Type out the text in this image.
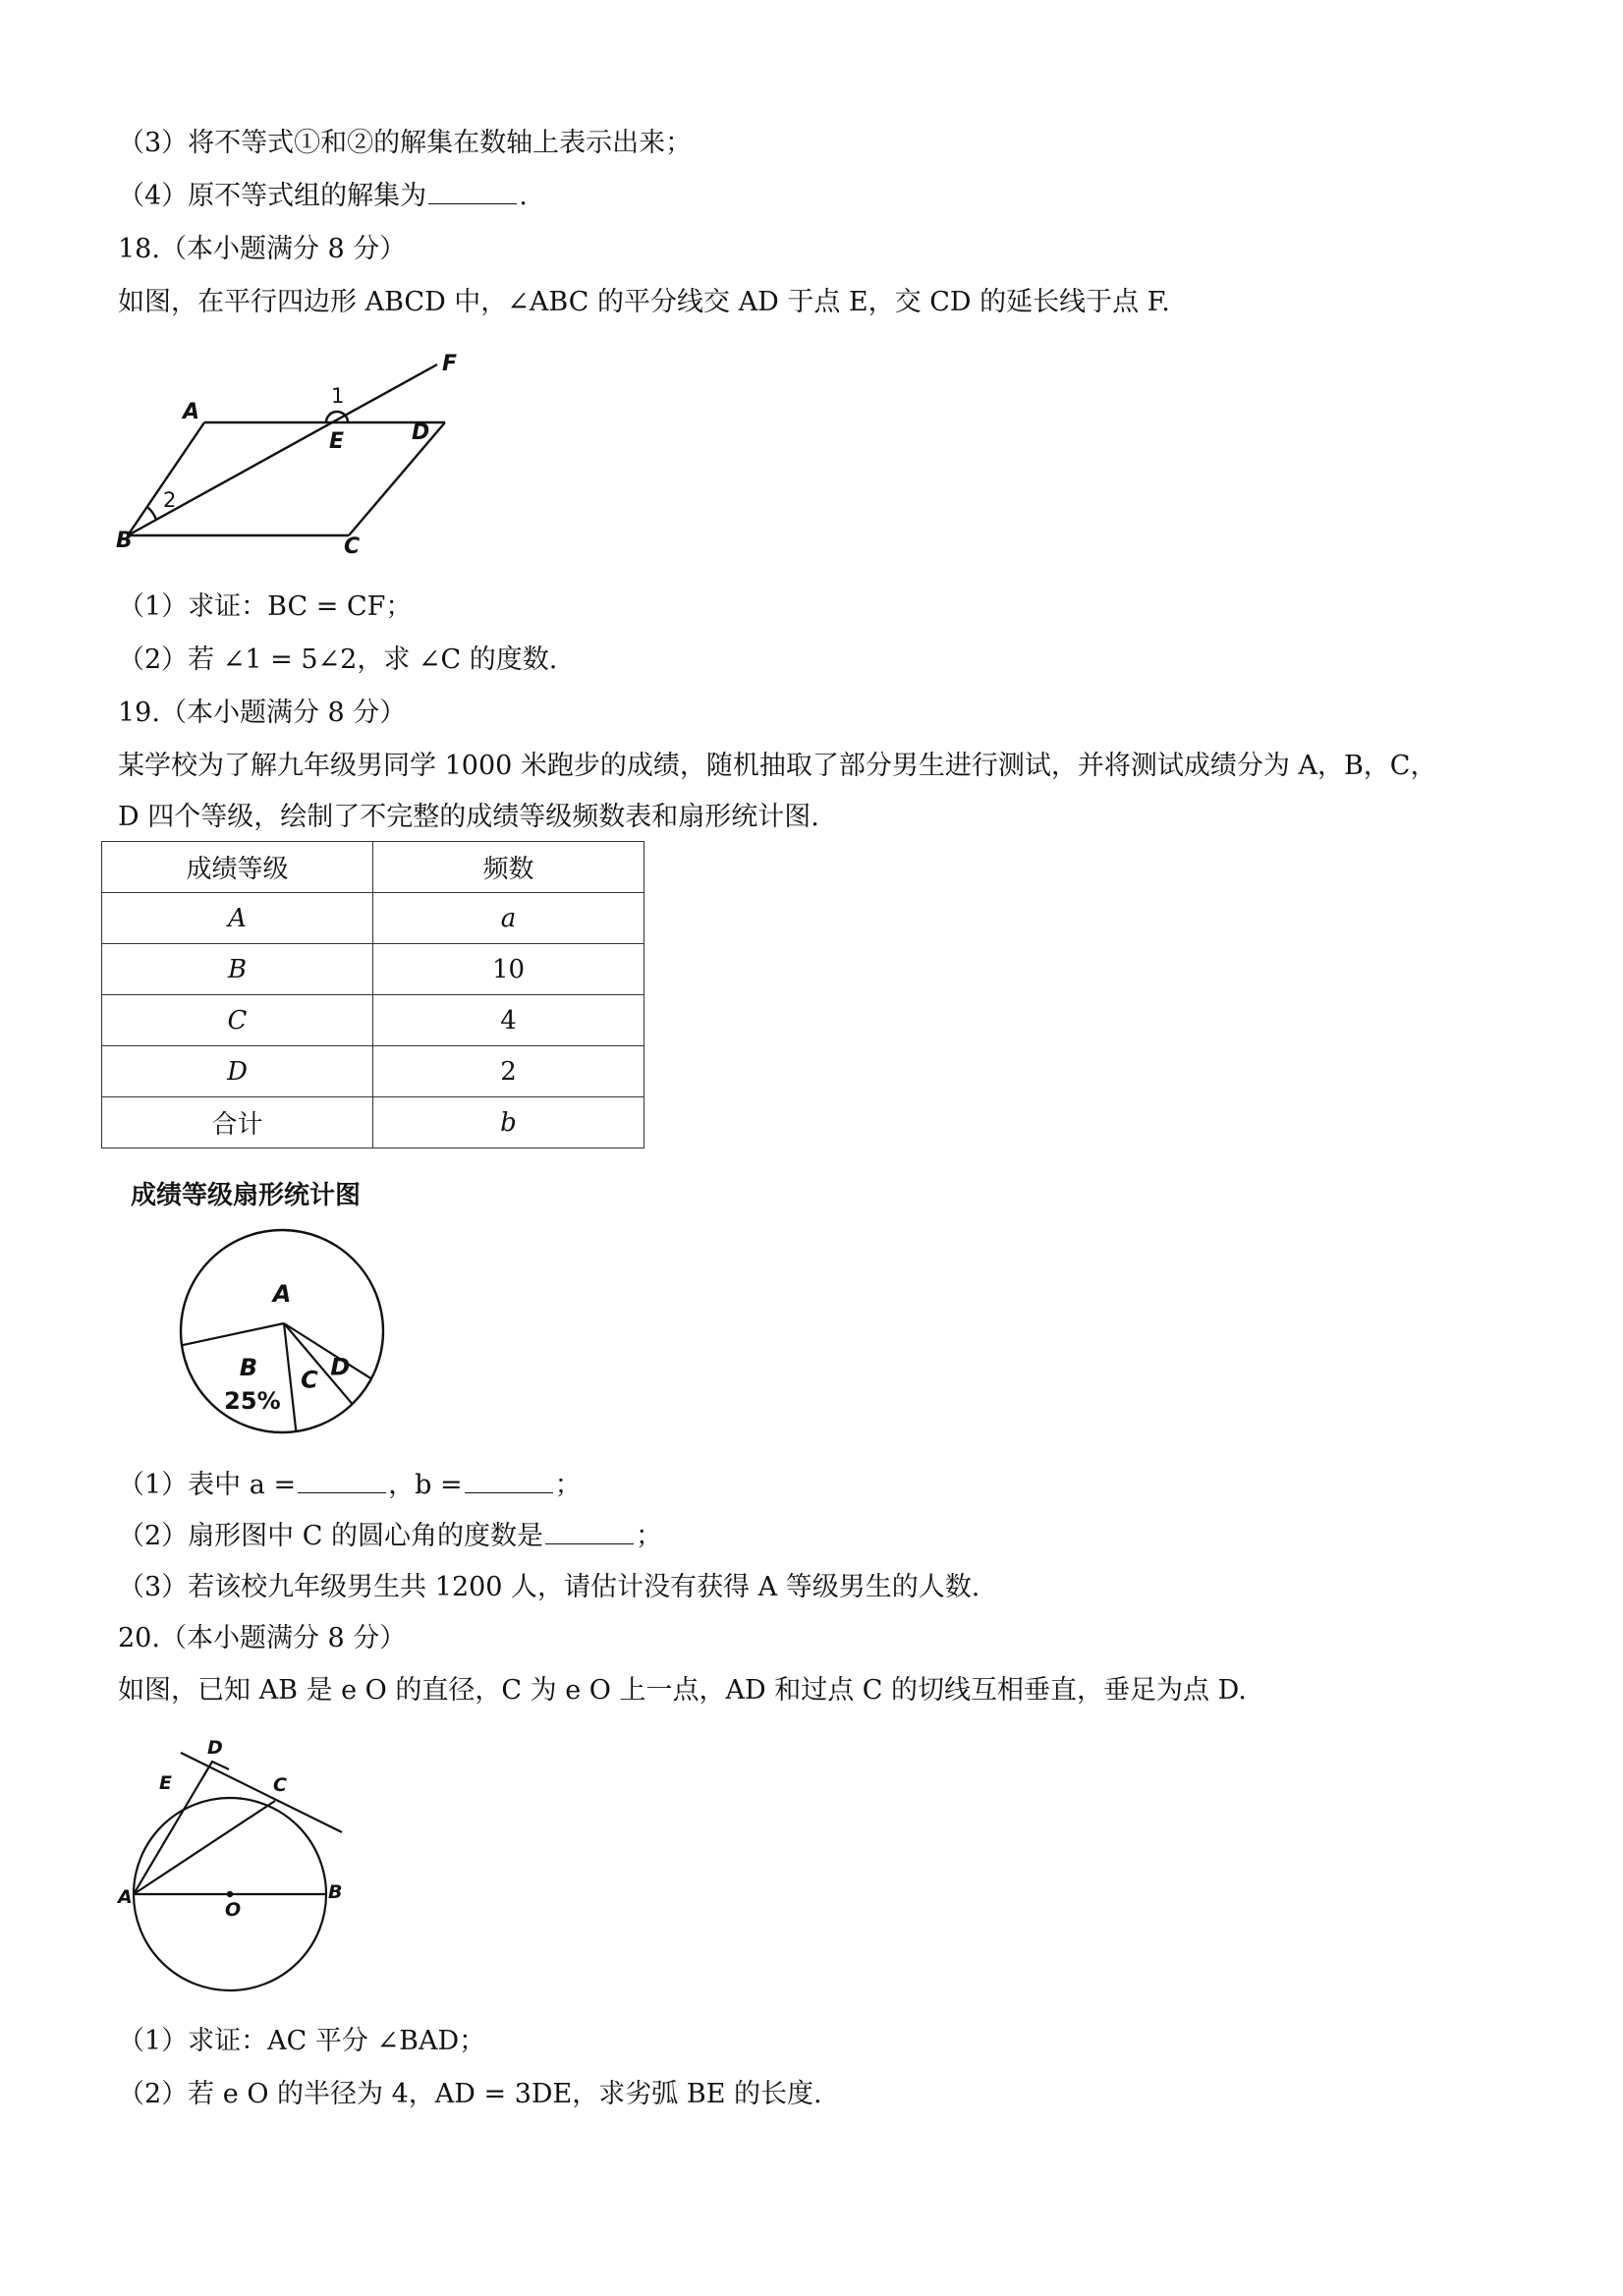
（3）将不等式①和②的解集在数轴上表示出来；
（4）原不等式组的解集为	.
18.（本小题满分 8 分）
如图，在平行四边形 ABCD 中，∠ABC 的平分线交 AD 于点 E，交 CD 的延长线于点 F.
A
E	D
F
B	C
1
2
（1）求证：BC = CF；
（2）若 ∠1 = 5∠2，求 ∠C 的度数.
19.（本小题满分 8 分）
某学校为了解九年级男同学 1000 米跑步的成绩，随机抽取了部分男生进行测试，并将测试成绩分为 A，B，C，
D 四个等级，绘制了不完整的成绩等级频数表和扇形统计图.
成绩等级	频数
A	a
B	10
C	4
D	2
合计	b
成绩等级扇形统计图
A
B
25%
C D
（1）表中 a =	，b =	；
（2）扇形图中 C 的圆心角的度数是	；
（3）若该校九年级男生共 1200 人，请估计没有获得 A 等级男生的人数.
20.（本小题满分 8 分）
如图，已知 AB 是 e O 的直径，C 为 e O 上一点，AD 和过点 C 的切线互相垂直，垂足为点 D.
D
E	C
A
O
B
（1）求证：AC 平分 ∠BAD；
（2）若 e O 的半径为 4，AD = 3DE，求劣弧 BE 的长度.
